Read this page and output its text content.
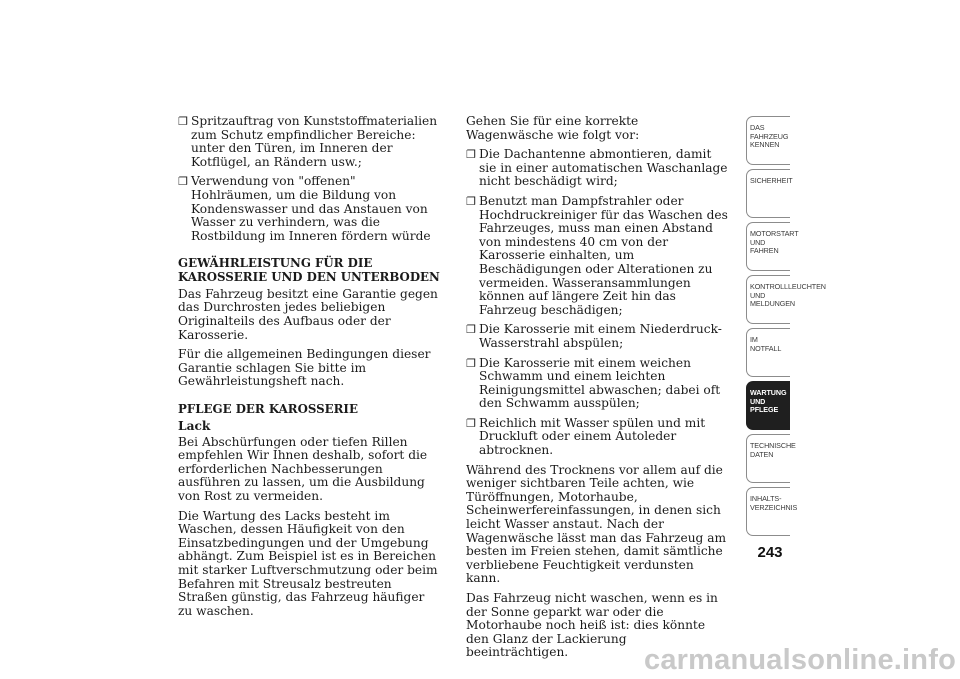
❐ Spritzauftrag von Kunststoffmaterialien zum Schutz empfindlicher Bereiche: unter den Türen, im Inneren der Kotflügel, an Rändern usw.;
❐ Verwendung von "offenen" Hohlräumen, um die Bildung von Kondenswasser und das Anstauen von Wasser zu verhindern, was die Rostbildung im Inneren fördern würde
GEWÄHRLEISTUNG FÜR DIE KAROSSERIE UND DEN UNTERBODEN

Das Fahrzeug besitzt eine Garantie gegen das Durchrosten jedes beliebigen Originalteils des Aufbaus oder der Karosserie.

Für die allgemeinen Bedingungen dieser Garantie schlagen Sie bitte im Gewährleistungsheft nach.

PFLEGE DER KAROSSERIE
Lack

Bei Abschürfungen oder tiefen Rillen empfehlen Wir Ihnen deshalb, sofort die erforderlichen Nachbesserungen ausführen zu lassen, um die Ausbildung von Rost zu vermeiden.

Die Wartung des Lacks besteht im Waschen, dessen Häufigkeit von den Einsatzbedingungen und der Umgebung abhängt. Zum Beispiel ist es in Bereichen mit starker Luftverschmutzung oder beim Befahren mit Streusalz bestreuten Straßen günstig, das Fahrzeug häufiger zu waschen.

Gehen Sie für eine korrekte Wagenwäsche wie folgt vor:

❐ Die Dachantenne abmontieren, damit sie in einer automatischen Waschanlage nicht beschädigt wird;
❐ Benutzt man Dampfstrahler oder Hochdruckreiniger für das Waschen des Fahrzeuges, muss man einen Abstand von mindestens 40 cm von der Karosserie einhalten, um Beschädigungen oder Alterationen zu vermeiden. Wasseransammlungen können auf längere Zeit hin das Fahrzeug beschädigen;
❐ Die Karosserie mit einem Niederdruck-Wasserstrahl abspülen;
❐ Die Karosserie mit einem weichen Schwamm und einem leichten Reinigungsmittel abwaschen; dabei oft den Schwamm ausspülen;
❐ Reichlich mit Wasser spülen und mit Druckluft oder einem Autoleder abtrocknen.

Während des Trocknens vor allem auf die weniger sichtbaren Teile achten, wie Türöffnungen, Motorhaube, Scheinwerfereinfassungen, in denen sich leicht Wasser anstaut. Nach der Wagenwäsche lässt man das Fahrzeug am besten im Freien stehen, damit sämtliche verbliebene Feuchtigkeit verdunsten kann.

Das Fahrzeug nicht waschen, wenn es in der Sonne geparkt war oder die Motorhaube noch heiß ist: dies könnte den Glanz der Lackierung beeinträchtigen.

DAS FAHRZEUG KENNEN
SICHERHEIT
MOTORSTART UND FAHREN
KONTROLLLEUCHTEN UND MELDUNGEN
IM NOTFALL
WARTUNG UND PFLEGE
TECHNISCHE DATEN
INHALTS-VERZEICHNIS
243
carmanualsonline.info
